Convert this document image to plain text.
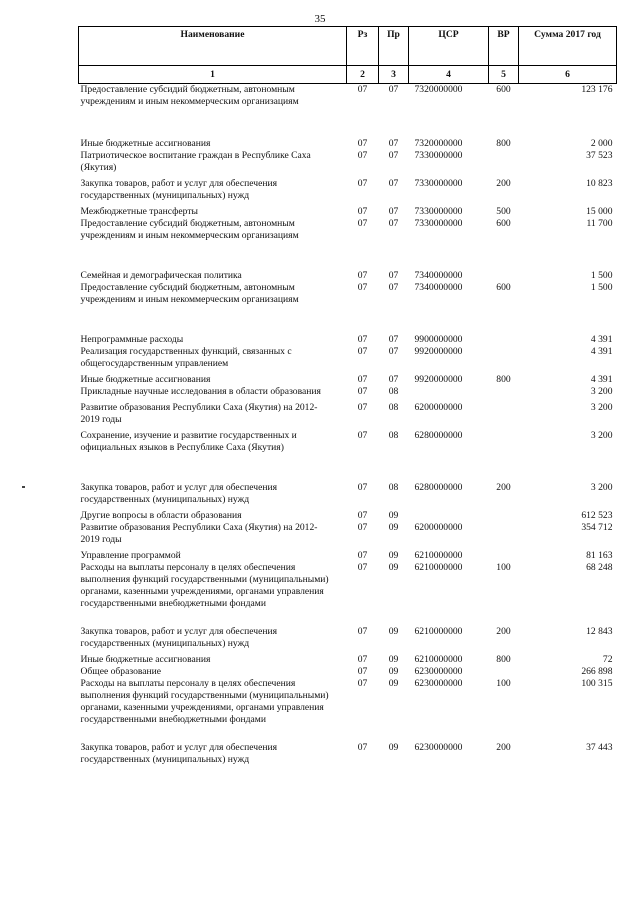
35
Наименование	Рз	Пр	ЦСР	ВР	Сумма 2017 год
1	2	3	4	5	6
Предоставление субсидий бюджетным, автономным учреждениям и иным некоммерческим организациям	07	07	7320000000	600	123 176

Иные бюджетные ассигнования	07	07	7320000000	800	2 000
Патриотическое воспитание граждан в Республике Саха (Якутия)	07	07	7330000000		37 523

Закупка товаров, работ и услуг для обеспечения государственных (муниципальных) нужд	07	07	7330000000	200	10 823

Межбюджетные трансферты	07	07	7330000000	500	15 000
Предоставление субсидий бюджетным, автономным учреждениям и иным некоммерческим организациям	07	07	7330000000	600	11 700

Семейная и демографическая политика	07	07	7340000000		1 500
Предоставление субсидий бюджетным, автономным учреждениям и иным некоммерческим организациям	07	07	7340000000	600	1 500

Непрограммные расходы	07	07	9900000000		4 391
Реализация государственных функций, связанных с общегосударственным управлением	07	07	9920000000		4 391

Иные бюджетные ассигнования	07	07	9920000000	800	4 391
Прикладные научные исследования в области образования	07	08			3 200

Развитие образования Республики Саха (Якутия) на 2012-2019 годы	07	08	6200000000		3 200

Сохранение, изучение и развитие государственных и официальных языков в Республике Саха (Якутия)	07	08	6280000000		3 200

Закупка товаров, работ и услуг для обеспечения государственных (муниципальных) нужд	07	08	6280000000	200	3 200

Другие вопросы в области образования	07	09			612 523
Развитие образования Республики Саха (Якутия) на 2012-2019 годы	07	09	6200000000		354 712

Управление программой	07	09	6210000000		81 163
Расходы на выплаты персоналу в целях обеспечения выполнения функций государственными (муниципальными) органами, казенными учреждениями, органами управления государственными внебюджетными фондами	07	09	6210000000	100	68 248

Закупка товаров, работ и услуг для обеспечения государственных (муниципальных) нужд	07	09	6210000000	200	12 843

Иные бюджетные ассигнования	07	09	6210000000	800	72
Общее образование	07	09	6230000000		266 898
Расходы на выплаты персоналу в целях обеспечения выполнения функций государственными (муниципальными) органами, казенными учреждениями, органами управления государственными внебюджетными фондами	07	09	6230000000	100	100 315

Закупка товаров, работ и услуг для обеспечения государственных (муниципальных) нужд	07	09	6230000000	200	37 443
